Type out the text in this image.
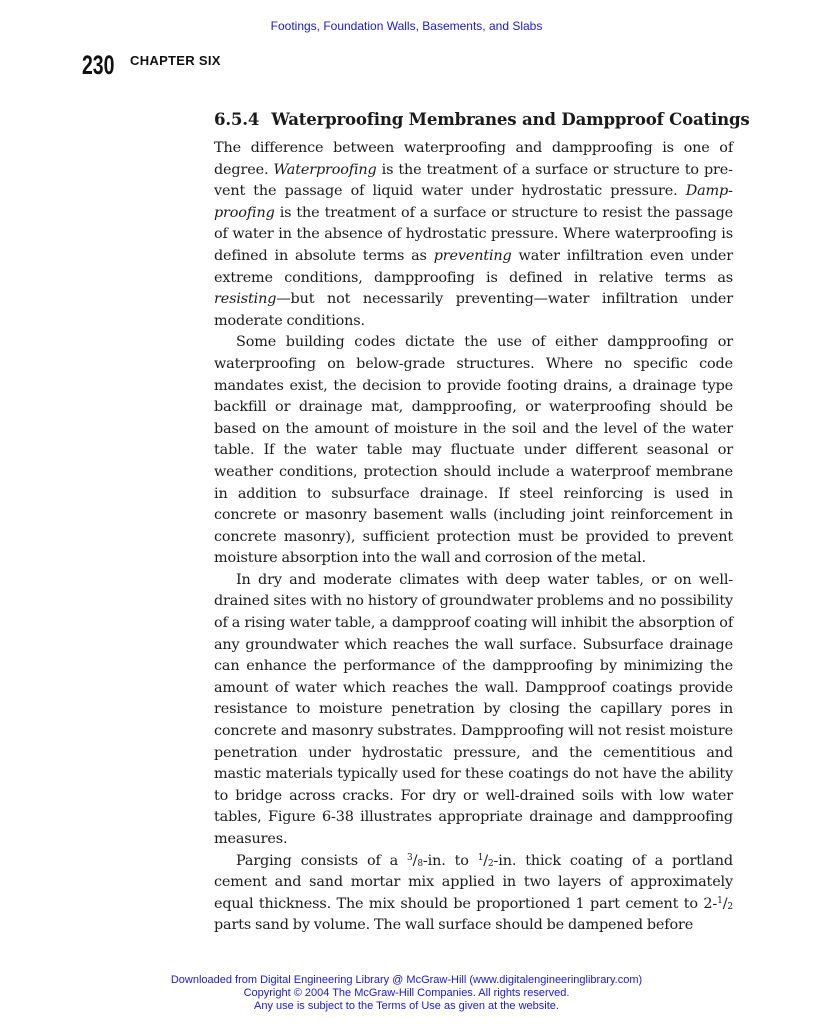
Footings, Foundation Walls, Basements, and Slabs
230 CHAPTER SIX
6.5.4 Waterproofing Membranes and Dampproof Coatings

The difference between waterproofing and dampproofing is one of degree. Waterproofing is the treatment of a surface or structure to prevent the passage of liquid water under hydrostatic pressure. Dampproofing is the treatment of a surface or structure to resist the passage of water in the absence of hydrostatic pressure. Where waterproofing is defined in absolute terms as preventing water infiltration even under extreme conditions, dampproofing is defined in relative terms as resisting—but not necessarily preventing—water infiltration under moderate conditions.

Some building codes dictate the use of either dampproofing or waterproofing on below-grade structures. Where no specific code mandates exist, the decision to provide footing drains, a drainage type backfill or drainage mat, dampproofing, or waterproofing should be based on the amount of moisture in the soil and the level of the water table. If the water table may fluctuate under different seasonal or weather conditions, protection should include a waterproof membrane in addition to subsurface drainage. If steel reinforcing is used in concrete or masonry basement walls (including joint reinforcement in concrete masonry), sufficient protection must be provided to prevent moisture absorption into the wall and corrosion of the metal.

In dry and moderate climates with deep water tables, or on well-drained sites with no history of groundwater problems and no possibility of a rising water table, a dampproof coating will inhibit the absorption of any groundwater which reaches the wall surface. Subsurface drainage can enhance the performance of the dampproofing by minimizing the amount of water which reaches the wall. Dampproof coatings provide resistance to moisture penetration by closing the capillary pores in concrete and masonry substrates. Dampproofing will not resist moisture penetration under hydrostatic pressure, and the cementitious and mastic materials typically used for these coatings do not have the ability to bridge across cracks. For dry or well-drained soils with low water tables, Figure 6-38 illustrates appropriate drainage and dampproofing measures.

Parging consists of a $^3/_8-in$. to $^1/_2-in$. thick coating of a portland cement and sand mortar mix applied in two layers of approximately equal thickness. The mix should be proportioned 1 part cement to $2-^1/_2$ parts sand by volume. The wall surface should be dampened before

Downloaded from Digital Engineering Library @ McGraw-Hill (www.digitalengineeringlibrary.com)
Copyright © 2004 The McGraw-Hill Companies. All rights reserved.
Any use is subject to the Terms of Use as given at the website.
